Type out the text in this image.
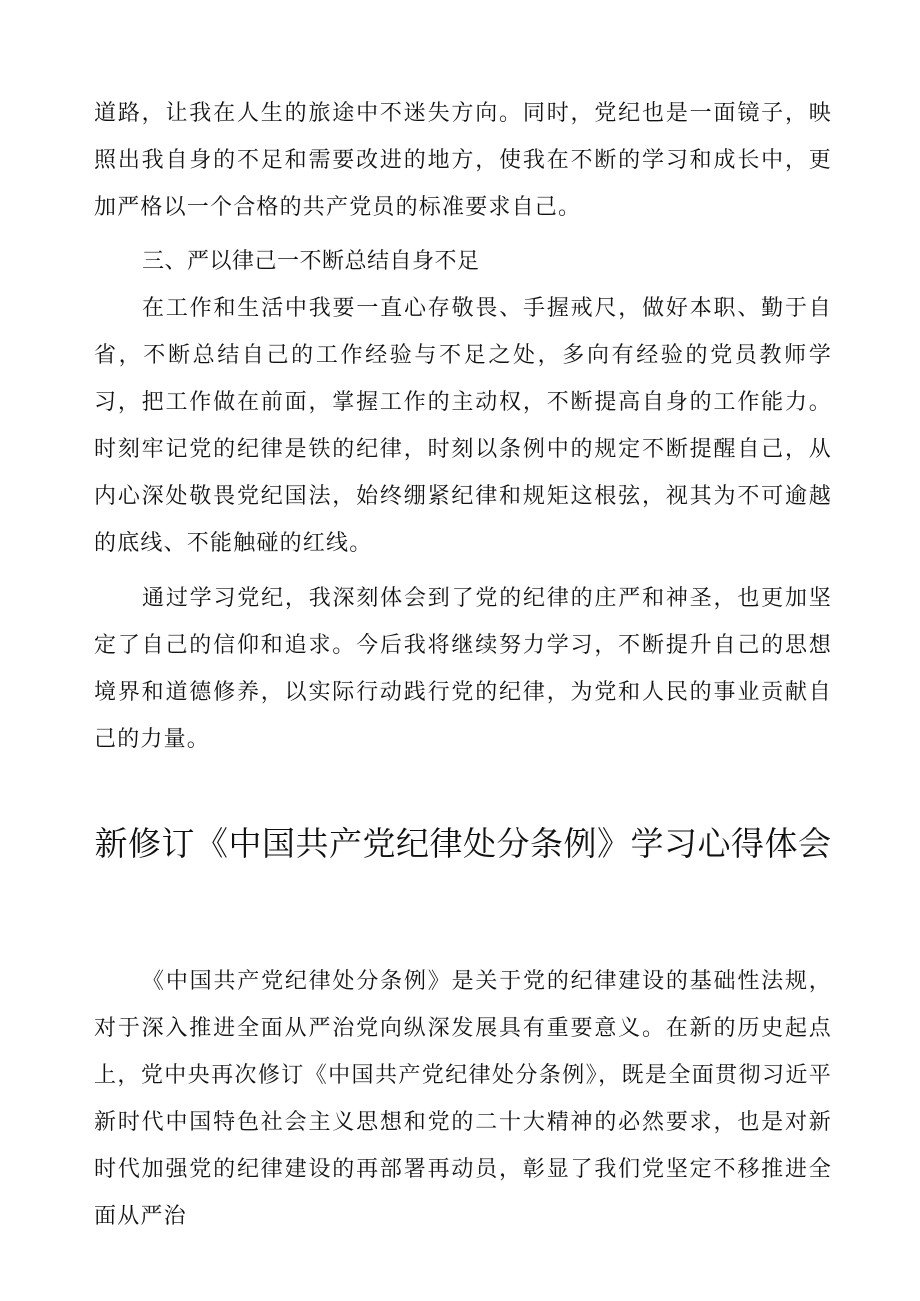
道路，让我在人生的旅途中不迷失方向。同时，党纪也是一面镜子，映照出我自身的不足和需要改进的地方，使我在不断的学习和成长中，更加严格以一个合格的共产党员的标准要求自己。

三、严以律己一不断总结自身不足

在工作和生活中我要一直心存敬畏、手握戒尺，做好本职、勤于自省，不断总结自己的工作经验与不足之处，多向有经验的党员教师学习，把工作做在前面，掌握工作的主动权，不断提高自身的工作能力。时刻牢记党的纪律是铁的纪律，时刻以条例中的规定不断提醒自己，从内心深处敬畏党纪国法，始终绷紧纪律和规矩这根弦，视其为不可逾越的底线、不能触碰的红线。

通过学习党纪，我深刻体会到了党的纪律的庄严和神圣，也更加坚定了自己的信仰和追求。今后我将继续努力学习，不断提升自己的思想境界和道德修养，以实际行动践行党的纪律，为党和人民的事业贡献自己的力量。

新修订《中国共产党纪律处分条例》学习心得体会

《中国共产党纪律处分条例》是关于党的纪律建设的基础性法规，对于深入推进全面从严治党向纵深发展具有重要意义。在新的历史起点上，党中央再次修订《中国共产党纪律处分条例》，既是全面贯彻习近平新时代中国特色社会主义思想和党的二十大精神的必然要求，也是对新时代加强党的纪律建设的再部署再动员，彰显了我们党坚定不移推进全面从严治
